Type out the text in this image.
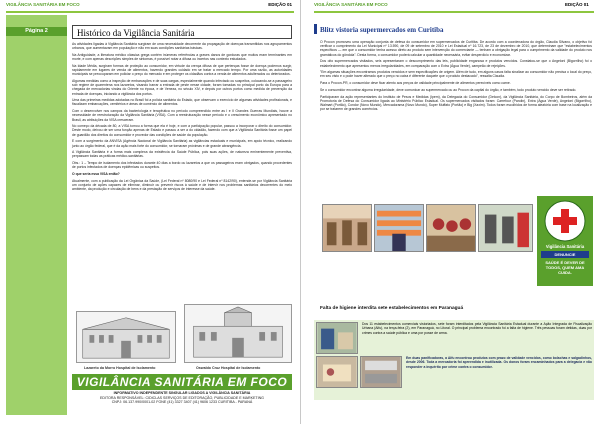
VIGILÂNCIA SANITÁRIA EM FOCO	EDIÇÃO 01
Página 2	Histórico da Vigilância Sanitária

As atividades ligadas à Vigilância Sanitária surgiram de uma necessidade decorrente da propagação de doenças transmitidas nos agrupamentos urbanos, que aumentavam em população e não em suas condições sanitárias básicas.

Na Antiguidade, a literatura médico clássica grega contém inúmeras referências a graves danos de gorduras que muitos eram terminantes em morte, e com apenas descrições simples de sintomas, é possível notar a difusa ou incertos nas contexto estudados.

Na Idade Média, surgiram formas de proteção ao consumidor, em virtude da crença difusa de que pertenças fosse de doença podemos surgir, rapidamente em lugares de venda de alimentos, havendo grandes cuidado em se tratar a mercado tempo. Por uma razão, as autoridades municipais se preocuparam em policiar o preço do mercado e em proteger os cidadãos contra a venda de alimentos adulterados ou deteriorados.

Algumas medidas como a inspeção de embarcações e de suas cargas, especialmente quando infectado ou suspeitos, colocando-se a passageiro sob regime de quarentena nos lazaretos, visando barrar a entrada de peste nesse cidade, foram tomadas no principal porto da Europa para a chegada de mercadorias vindas do Oriente no época, e de Veneza, no século XIV, e depois por outros portos como medida de prevenção da entrada de doenças, iniciando a vigilância dos portos.

Uma das primeiras medidas adotadas no Brasil foi a polícia sanitária do Estado, que observam o exercício de algumas atividades profissionais, e fiscalizam embarcações, cemitérios e áreas de comércio de alimentos.

Com o desenvolver nos campos da bacteriologia e terapêutica no período compreendido entre as I e II Grandes Guerras Mundiais, houve a necessidade de reestruturação da Vigilância Sanitária (VISA). Com a reestruturação nesse período e o crescimento econômico apresentado no Brasil, as atribuições da VISA cresceram.

No começo da década de 80, a VISA tomou a forma que ela é hoje, e com a participação popular, passou a incorporar o direito do consumidor. Deste modo, deixou de ser uma função apenas de Estado e passou a ser a do cidadão, fazendo com que a Vigilância Sanitária fosse um papel de guardião dos direitos do consumidor e provedor das condições de saúde da população.

E com a surgimento da ANVISA (Agência Nacional de Vigilância Sanitária) as vigilâncias estaduais e municipais, em apoio técnico, realizando junto ao órgão federal, que é da ação mais forte do consumidor, se tornaram próximas e de grande abrangência.

A Vigilância Sanitária é a forma mais complexa da existência da Saúde Pública, pois suas ações, de natureza eminentemente preventiva, perpassam todas as práticas médico-sanitárias.

Obs.: 1 – Tempo de isolamento dos infectados durante 40 dias a bordo ou lazaretos a que os passageiros eram obrigados, quando procedentes de portos infectados de doenças epidêmicas ou suspeitos.

O que seria essa VISA então?

Atualmente, com a publicação da Lei Orgânica da Saúde, (Lei Federal nº 8080/90 e Lei Federal nº 8142/90), entende-se por Vigilância Sanitária um conjunto de ações capazes de eliminar, diminuir ou prevenir riscos à saúde e de intervir nos problemas sanitários decorrentes do meio ambiente, da produção e circulação de bens e da prestação de serviços de interesse da saúde.

Lazareto da Morro Hospital de Isolamento	Oswaldo Cruz Hospital de Isolamento
VIGILÂNCIA SANITÁRIA EM FOCO
INFORMATIVO INDEPENDENTE SINGULAR LIGADOS A VIGILÂNCIA SANITÁRIA
EDITORA RESPONSÁVEL: CIDICLAS SERVIÇOS DE EDITORAÇÃO, PUBLICIDADE E MARKETING
CNPJ: 06.137.990/0001-02 FONE (41) 3327 3407 (41) 9606 1233 CURITIBA - PARANÁ
VIGILÂNCIA SANITÁRIA EM FOCO	EDIÇÃO 01
Blitz vistoria supermercados em Curitiba

O Procon promoveu uma operação conjunta de defesa do consumidor em supermercados de Curitiba. De acordo com a coordenadora do órgão, Claudia Silvano, o objetivo foi verificar o cumprimento da Lei Municipal nº 13.590, de 09 de setembro de 2010 e Lei Estadual nº 16.723, de 23 de dezembro de 2010, que determinam que "estabelecimentos específicos — em que o consumidor tenha acesso direto ao produto sem intervenção do comerciante — tenham a obrigação legal para o cumprimento da validade do produto nos gramáticos do gôndola". Desta forma, o consumidor poderá calcular a quantidade necessária, evitar desperdício e economizar.

Dos oito supermercados visitados, seis apresentaram o descumprimento das leis, publicidade enganosa e produtos vencidos. Constatou-se que o Angeloni (Bigorrilho) foi o estabelecimento que apresentou menos irregularidades, em comparação com o Extra (Água Verde), campeão de rejeições.

"Em algumas situações encontramos produtos vencidos e sem especificações de origem. Além de tudo, em alguns casos falta sinalizar ao consumidor não precisa o local do preço, em seu visto e o pode haver alterado que o preço no caixa é diferente daquele que o produto destacado", ressalta Claudia.

Para o Procon-PR, o consumidor deve ficar atento aos preços de validade principalmente de alimentos perecíveis como carne.

Se o consumidor encontrar alguma irregularidade, deve comunicar ao supermercado ou ao Procon da capital do órgão, e também, todo produto vencido deve ser retirado.

Participaram da ação representantes do Instituto de Pesos e Medidas (Ipem), da Delegacia do Consumidor (Delcon), da Vigilância Sanitária, do Corpo de Bombeiros, além da Promotoria de Defesa do Consumidor ligada ao Ministério Público Estadual. Os supermercados visitados foram: Carrefour (Parolin), Extra (Água Verde), Angeloni (Bigorrilho), Walmart (Portão), Condor (Novo Mundo), Mercadorama (Novo Mundo), Super Muffato (Portão) e Big (Xaxim). Todos foram escolhidos de forma aleatória com base na localização e por se tratarem de grandes comércios.

Vigilância Sanitária
DENUNCIE
SAÚDE É DEVER DE TODOS, QUEM AMA CUIDA.
Falta de higiene interdita sete estabelecimentos em Paranaguá
Dos 11 estabelecimentos comerciais vistoriados, sete foram interditados pela Vigilância Sanitária Estadual durante a Ação Integrada de Fiscalização Urbana (Aifu), na terça-feira (2), em Paranaguá, no Litoral. O principal problema encontrado foi a falta de higiene. Três pessoas foram detidas, duas por crimes contra a saúde pública e uma por posse de arma.
Em duas panificadoras, a Aifu encontrou produtos com prazo de validade vencidos, como bolachas e salgadinhos, desde 2006. Toda a mercadoria foi apreendida e inutilizada. Os donos foram encaminhados para a delegacia e vão responder a inquérito por crime contra o consumidor.
